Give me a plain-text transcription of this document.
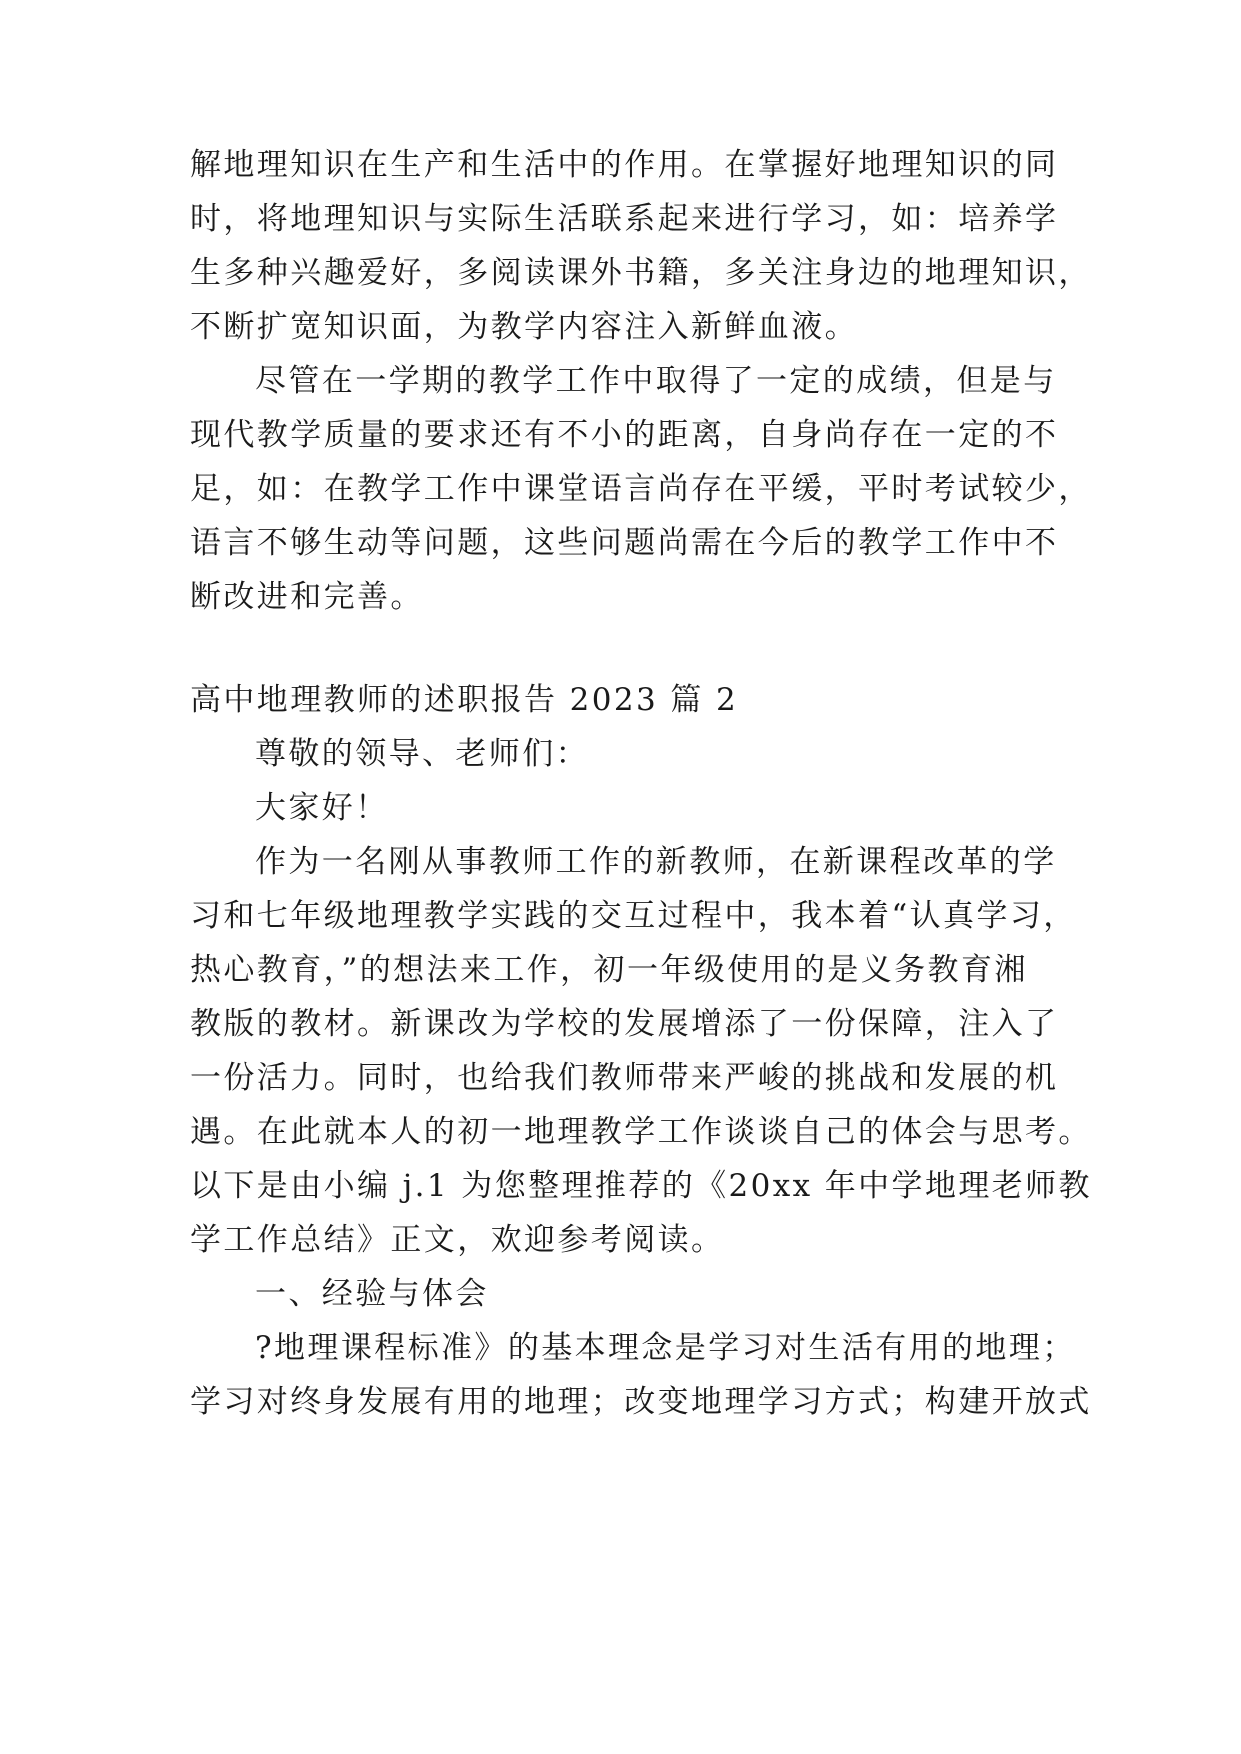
解地理知识在生产和生活中的作用。在掌握好地理知识的同
时，将地理知识与实际生活联系起来进行学习，如：培养学
生多种兴趣爱好，多阅读课外书籍，多关注身边的地理知识，
不断扩宽知识面，为教学内容注入新鲜血液。
尽管在一学期的教学工作中取得了一定的成绩，但是与
现代教学质量的要求还有不小的距离，自身尚存在一定的不
足，如：在教学工作中课堂语言尚存在平缓，平时考试较少，
语言不够生动等问题，这些问题尚需在今后的教学工作中不
断改进和完善。
高中地理教师的述职报告 2023 篇 2
尊敬的领导、老师们：
大家好！
作为一名刚从事教师工作的新教师，在新课程改革的学
习和七年级地理教学实践的交互过程中，我本着“认真学习，
热心教育，”的想法来工作，初一年级使用的是义务教育湘
教版的教材。新课改为学校的发展增添了一份保障，注入了
一份活力。同时，也给我们教师带来严峻的挑战和发展的机
遇。在此就本人的初一地理教学工作谈谈自己的体会与思考。
以下是由小编 j.1 为您整理推荐的《20xx 年中学地理老师教
学工作总结》正文，欢迎参考阅读。
一、经验与体会
?地理课程标准》的基本理念是学习对生活有用的地理；
学习对终身发展有用的地理；改变地理学习方式；构建开放式
